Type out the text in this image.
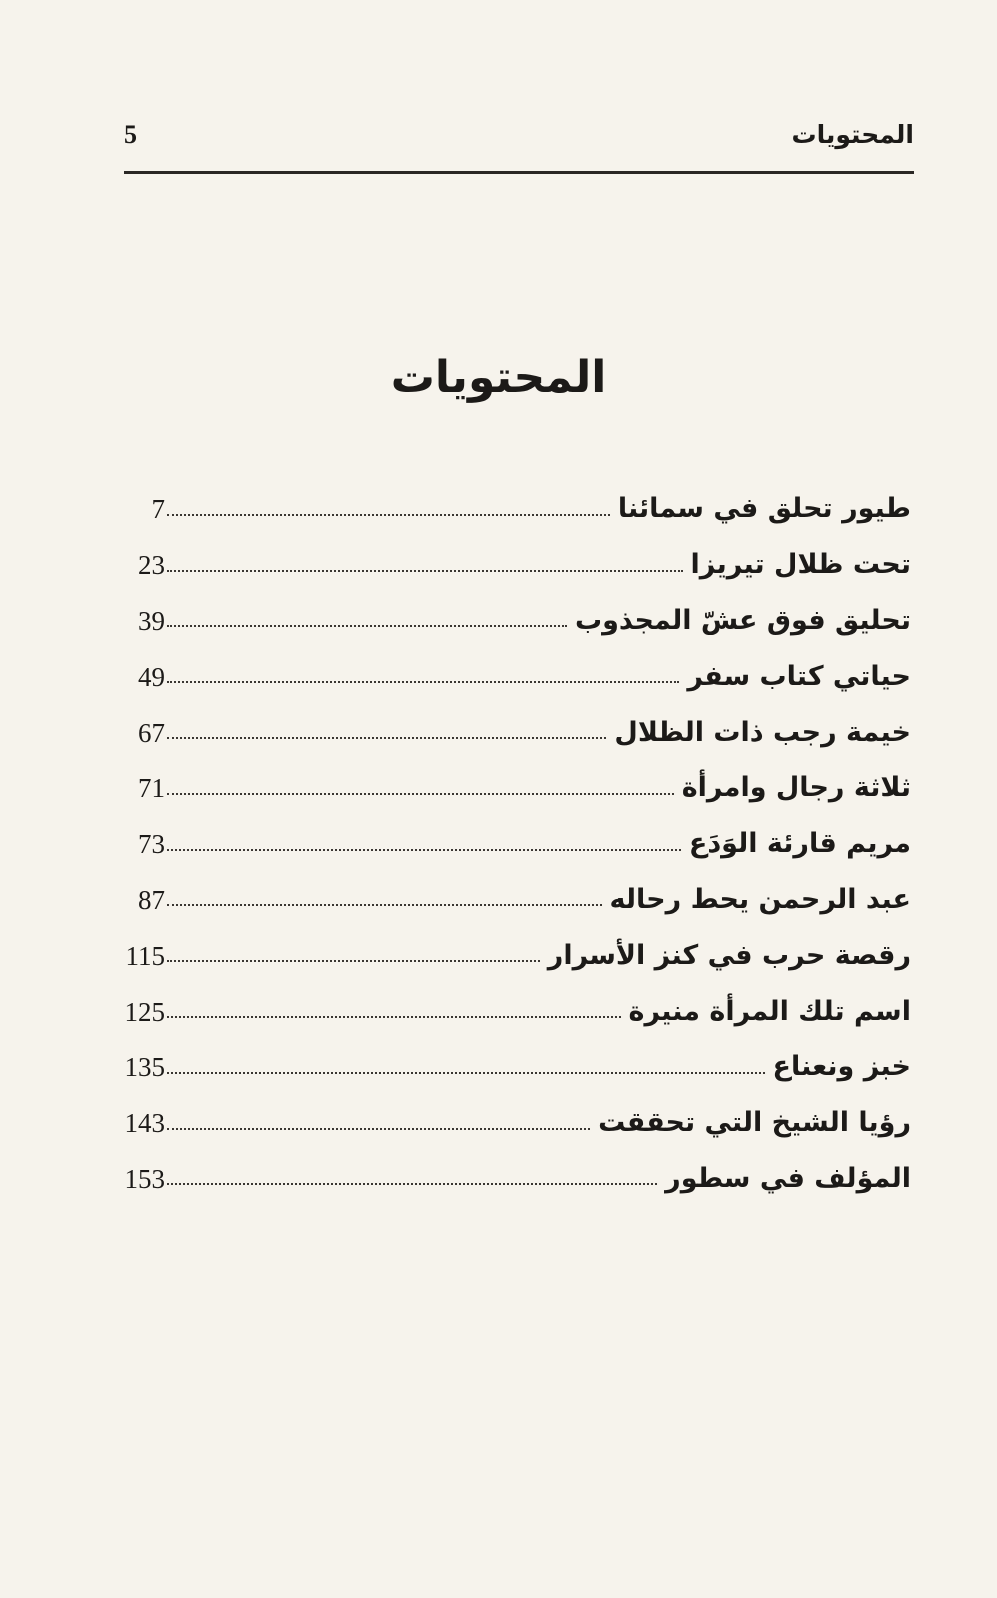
المحتويات
5
المحتويات
طيور تحلق في سمائنا
7
تحت ظلال تيريزا
23
تحليق فوق عشّ المجذوب
39
حياتي كتاب سفر
49
خيمة رجب ذات الظلال
67
ثلاثة رجال وامرأة
71
مريم قارئة الوَدَع
73
عبد الرحمن يحط رحاله
87
رقصة حرب في كنز الأسرار
115
اسم تلك المرأة منيرة
125
خبز ونعناع
135
رؤيا الشيخ التي تحققت
143
المؤلف في سطور
153
